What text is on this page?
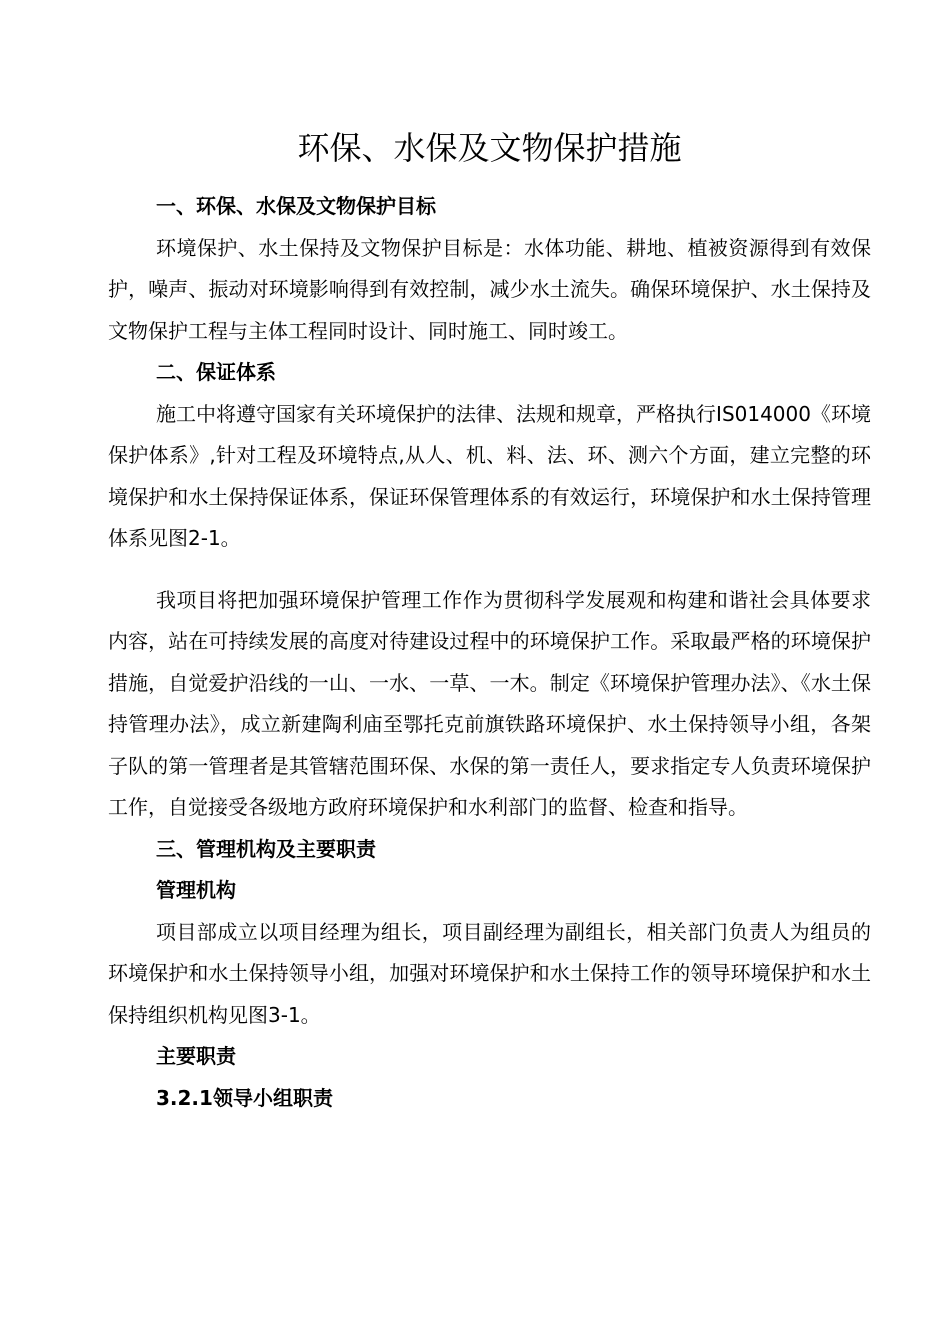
环保、水保及文物保护措施

一、环保、水保及文物保护目标

环境保护、水土保持及文物保护目标是：水体功能、耕地、植被资源得到有效保护，噪声、振动对环境影响得到有效控制，减少水土流失。确保环境保护、水土保持及文物保护工程与主体工程同时设计、同时施工、同时竣工。

二、保证体系

施工中将遵守国家有关环境保护的法律、法规和规章，严格执行IS014000《环境保护体系》,针对工程及环境特点,从人、机、料、法、环、测六个方面，建立完整的环境保护和水土保持保证体系，保证环保管理体系的有效运行，环境保护和水土保持管理体系见图2-1。

我项目将把加强环境保护管理工作作为贯彻科学发展观和构建和谐社会具体要求内容，站在可持续发展的高度对待建设过程中的环境保护工作。采取最严格的环境保护措施，自觉爱护沿线的一山、一水、一草、一木。制定《环境保护管理办法》、《水土保持管理办法》，成立新建陶利庙至鄂托克前旗铁路环境保护、水土保持领导小组，各架子队的第一管理者是其管辖范围环保、水保的第一责任人，要求指定专人负责环境保护工作，自觉接受各级地方政府环境保护和水利部门的监督、检查和指导。

三、管理机构及主要职责

管理机构

项目部成立以项目经理为组长，项目副经理为副组长，相关部门负责人为组员的环境保护和水土保持领导小组，加强对环境保护和水土保持工作的领导环境保护和水土保持组织机构见图3-1。

主要职责

3.2.1领导小组职责
